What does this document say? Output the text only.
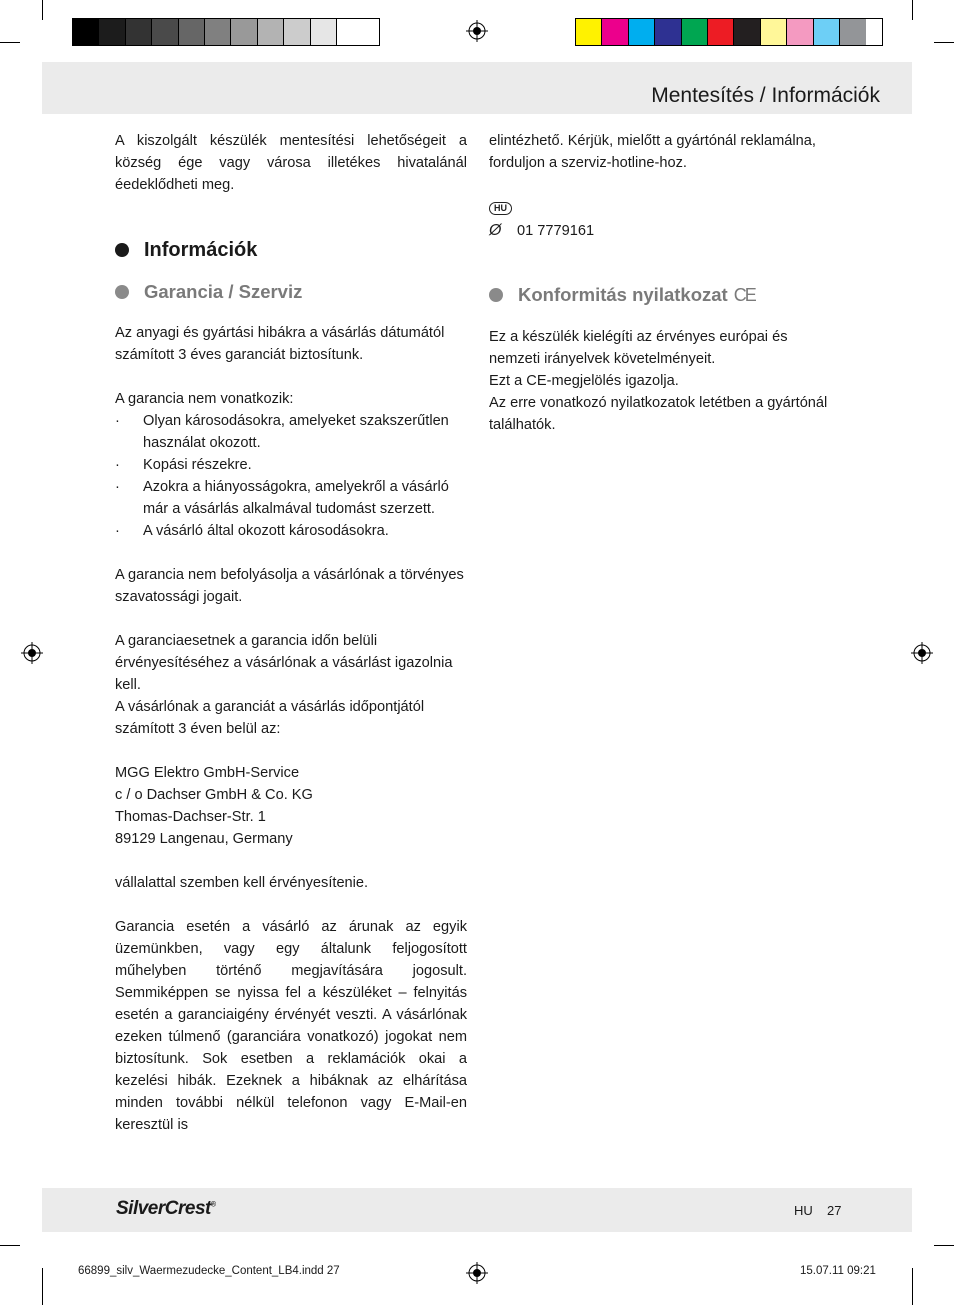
Mentesítés / Információk

A kiszolgált készülék mentesítési lehetőségeit a község ége vagy városa illetékes hivatalánál éedeklődheti meg.

Információk
Garancia / Szerviz

Az anyagi és gyártási hibákra a vásárlás dátumától számított 3 éves garanciát biztosítunk.

A garancia nem vonatkozik:

· Olyan károsodásokra, amelyeket szakszerűtlen használat okozott.
· Kopási részekre.
· Azokra a hiányosságokra, amelyekről a vásárló már a vásárlás alkalmával tudomást szerzett.
· A vásárló által okozott károsodásokra.

A garancia nem befolyásolja a vásárlónak a törvényes szavatossági jogait.

A garanciaesetnek a garancia időn belüli érvényesítéséhez a vásárlónak a vásárlást igazolnia kell.

A vásárlónak a garanciát a vásárlás időpontjától számított 3 éven belül az:

MGG Elektro GmbH-Service

c / o Dachser GmbH & Co. KG

Thomas-Dachser-Str. 1

89129 Langenau, Germany

vállalattal szemben kell érvényesítenie.

Garancia esetén a vásárló az árunak az egyik üzemünkben, vagy egy általunk feljogosított műhelyben történő megjavítására jogosult. Semmiképpen se nyissa fel a készüléket – felnyitás esetén a garanciaigény érvényét veszti. A vásárlónak ezeken túlmenő (garanciára vonatkozó) jogokat nem biztosítunk. Sok esetben a reklamációk okai a kezelési hibák. Ezeknek a hibáknak az elhárítása minden további nélkül telefonon vagy E-Mail-en keresztül is

elintézhető. Kérjük, mielőtt a gyártónál reklamálna, forduljon a szerviz-hotline-hoz.

HU
Ø	01 7779161
Konformitás nyilatkozat CE

Ez a készülék kielégíti az érvényes európai és nemzeti irányelvek követelményeit.

Ezt a CE-megjelölés igazolja.

Az erre vonatkozó nyilatkozatok letétben a gyártónál találhatók.

SilverCrest®	HU 27
66899_silv_Waermezudecke_Content_LB4.indd 27	15.07.11 09:21
